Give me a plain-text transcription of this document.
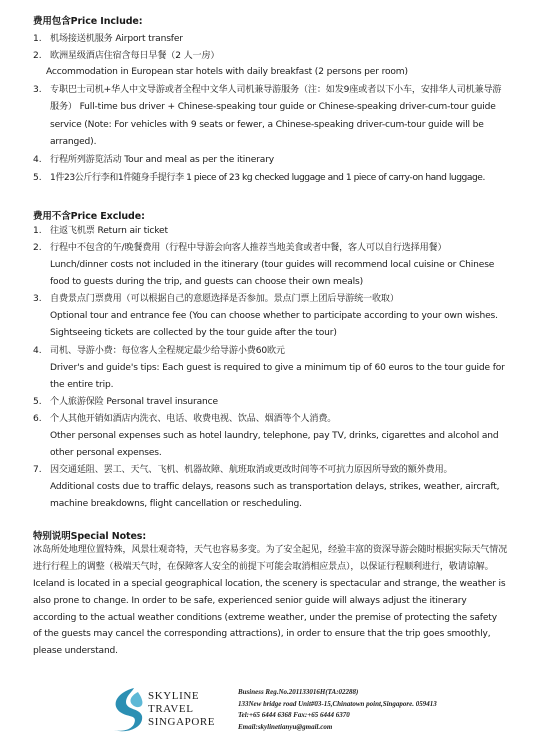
费用包含Price Include:
1. 机场接送机服务 Airport transfer
2. 欧洲星级酒店住宿含每日早餐（2 人一房）
Accommodation in European star hotels with daily breakfast (2 persons per room)
3. 专职巴士司机+华人中文导游或者全程中文华人司机兼导游服务（注：如发9座或者以下小车，安排华人司机兼导游
服务） Full-time bus driver + Chinese-speaking tour guide or Chinese-speaking driver-cum-tour guide
service (Note: For vehicles with 9 seats or fewer, a Chinese-speaking driver-cum-tour guide will be
arranged).
4. 行程所列游览活动 Tour and meal as per the itinerary
5. 1件23公斤行李和1件随身手提行李 1 piece of 23 kg checked luggage and 1 piece of carry-on hand luggage.
费用不含Price Exclude:
1. 往返飞机票 Return air ticket
2. 行程中不包含的午/晚餐费用（行程中导游会向客人推荐当地美食或者中餐，客人可以自行选择用餐）
Lunch/dinner costs not included in the itinerary (tour guides will recommend local cuisine or Chinese
food to guests during the trip, and guests can choose their own meals)
3. 自费景点门票费用（可以根据自己的意愿选择是否参加。景点门票上团后导游统一收取）
Optional tour and entrance fee (You can choose whether to participate according to your own wishes.
Sightseeing tickets are collected by the tour guide after the tour)
4. 司机、导游小费：每位客人全程规定最少给导游小费60欧元
Driver's and guide's tips: Each guest is required to give a minimum tip of 60 euros to the tour guide for
the entire trip.
5. 个人旅游保险 Personal travel insurance
6. 个人其他开销如酒店内洗衣、电话、收费电视、饮品、烟酒等个人消费。
Other personal expenses such as hotel laundry, telephone, pay TV, drinks, cigarettes and alcohol and
other personal expenses.
7. 因交通延阻、罢工、天气、飞机、机器故障、航班取消或更改时间等不可抗力原因所导致的额外费用。
Additional costs due to traffic delays, reasons such as transportation delays, strikes, weather, aircraft,
machine breakdowns, flight cancellation or rescheduling.
特别说明Special Notes:
冰岛所处地理位置特殊，风景壮观奇特，天气也容易多变。为了安全起见，经验丰富的资深导游会随时根据实际天气情况
进行行程上的调整（极端天气时，在保障客人安全的前提下可能会取消相应景点），以保证行程顺利进行，敬请谅解。
Iceland is located in a special geographical location, the scenery is spectacular and strange, the weather is
also prone to change. In order to be safe, experienced senior guide will always adjust the itinerary
according to the actual weather conditions (extreme weather, under the premise of protecting the safety
of the guests may cancel the corresponding attractions), in order to ensure that the trip goes smoothly,
please understand.
SKYLINE
TRAVEL
SINGAPORE
Business Reg.No.201133016H(TA:02288)
133New bridge road Unit#03-15,Chinatown point,Singapore. 059413
Tel:+65 6444 6368 Fax:+65 6444 6370
Email:skylinetianyu@gmail.com
